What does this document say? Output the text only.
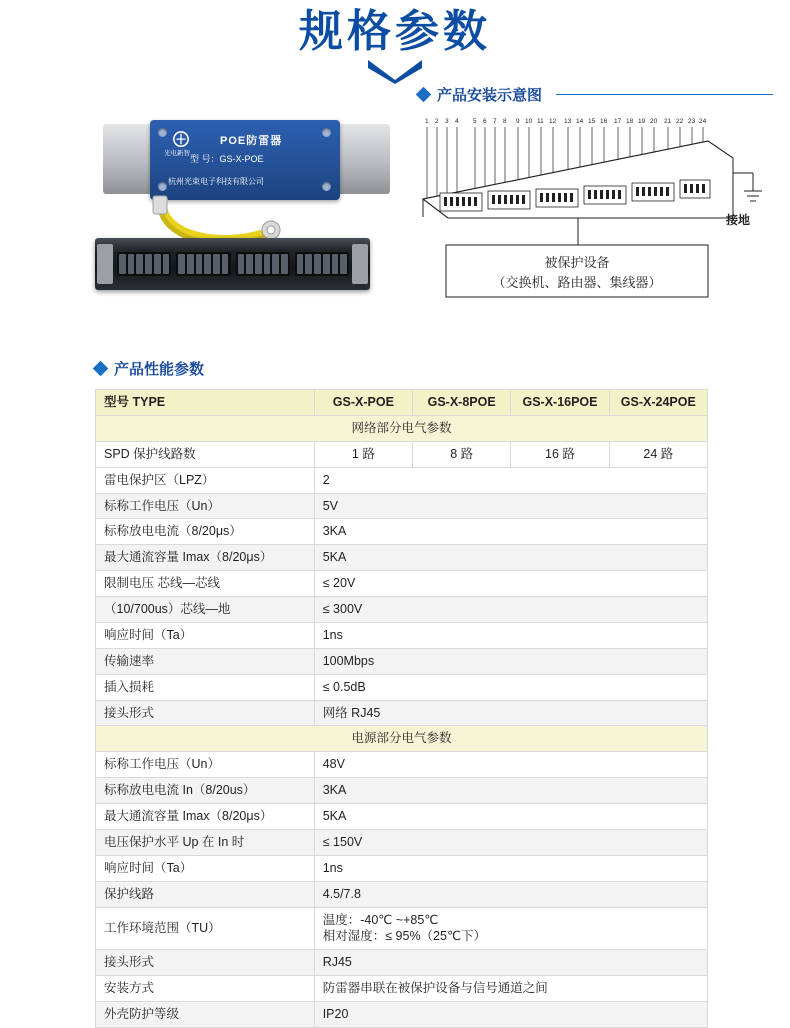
规格参数
光电新智
POE防雷器
型 号：GS-X-POE
杭州光束电子科技有限公司
产品安装示意图
1 2 3 4 5 6 7 8 9 10 11 12 13 14 15 16 17 18 19 20 21 22 23 24
接地
被保护设备
（交换机、路由器、集线器）
产品性能参数
型号 TYPE	GS-X-POE	GS-X-8POE	GS-X-16POE	GS-X-24POE
网络部分电气参数				
SPD 保护线路数	1 路	8 路	16 路	24 路
雷电保护区（LPZ）	2			
标称工作电压（Un）	5V			
标称放电电流（8/20μs）	3KA			
最大通流容量 Imax（8/20μs）	5KA			
限制电压 芯线—芯线	≤ 20V			
（10/700us）芯线—地	≤ 300V			
响应时间（Ta）	1ns			
传输速率	100Mbps			
插入损耗	≤ 0.5dB			
接头形式	网络 RJ45			
电源部分电气参数				
标称工作电压（Un）	48V			
标称放电电流 In（8/20us）	3KA			
最大通流容量 Imax（8/20μs）	5KA			
电压保护水平 Up 在 In 时	≤ 150V			
响应时间（Ta）	1ns			
保护线路	4.5/7.8			
工作环境范围（TU）	温度：-40℃ ~+85℃
相对湿度：≤ 95%（25℃下）			

接头形式	RJ45			
安装方式	防雷器串联在被保护设备与信号通道之间			
外壳防护等级	IP20			
